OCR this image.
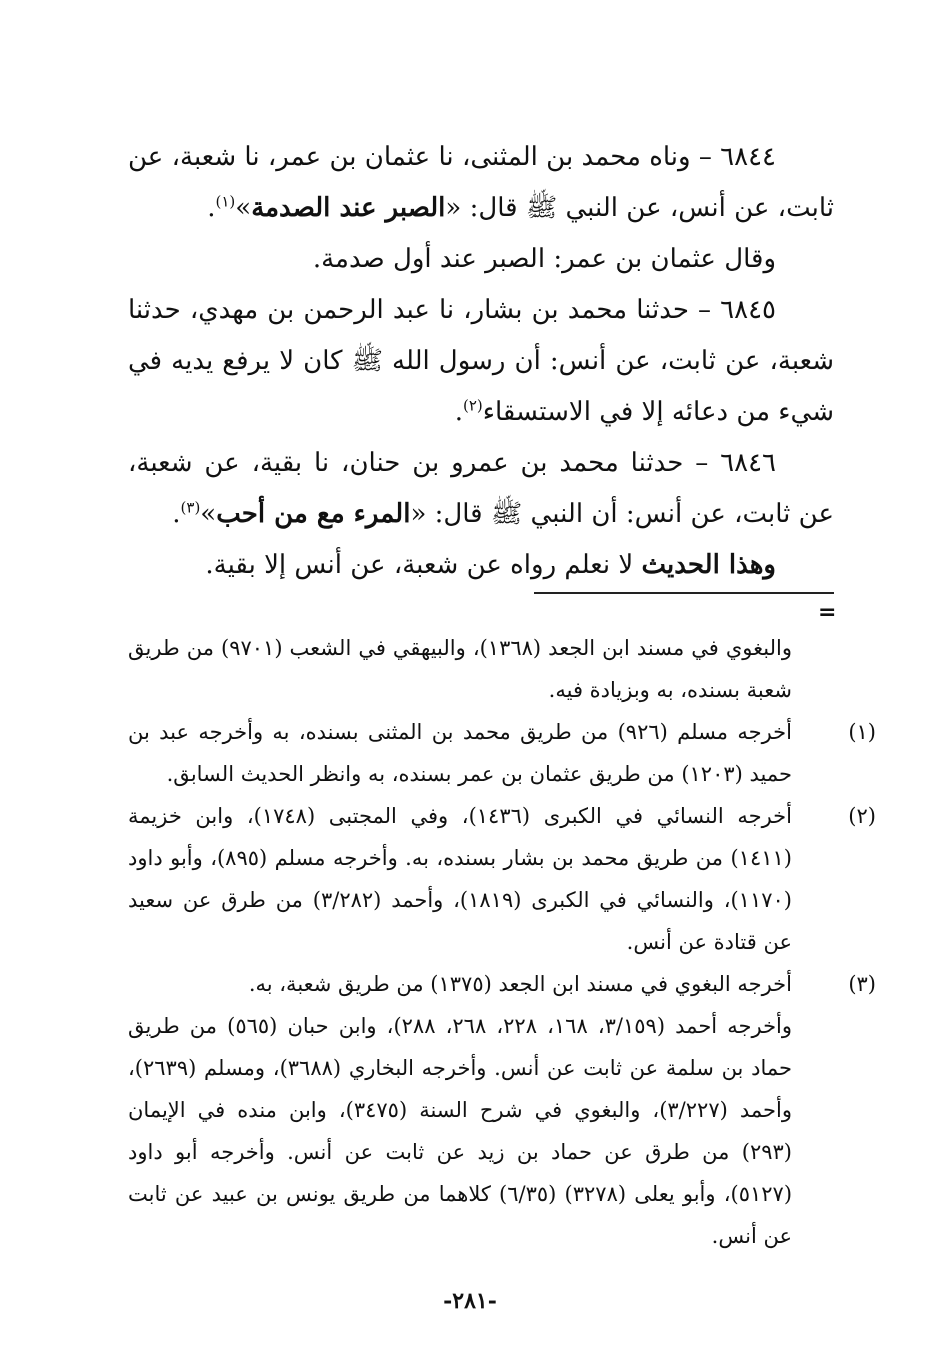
٦٨٤٤ – وناه محمد بن المثنى، نا عثمان بن عمر، نا شعبة، عن ثابت، عن أنس، عن النبي ﷺ قال: «الصبر عند الصدمة»$^{(١)}$.

وقال عثمان بن عمر: الصبر عند أول صدمة.

٦٨٤٥ – حدثنا محمد بن بشار، نا عبد الرحمن بن مهدي، حدثنا شعبة، عن ثابت، عن أنس: أن رسول الله ﷺ كان لا يرفع يديه في شيء من دعائه إلا في الاستسقاء$^{(٢)}$.

٦٨٤٦ – حدثنا محمد بن عمرو بن حنان، نا بقية، عن شعبة، عن ثابت، عن أنس: أن النبي ﷺ قال: «المرء مع من أحب»$^{(٣)}$.

وهذا الحديث لا نعلم رواه عن شعبة، عن أنس إلا بقية.

=

والبغوي في مسند ابن الجعد (١٣٦٨)، والبيهقي في الشعب (٩٧٠١) من طريق شعبة بسنده، به وبزيادة فيه.

(١)أخرجه مسلم (٩٢٦) من طريق محمد بن المثنى بسنده، به وأخرجه عبد بن حميد (١٢٠٣) من طريق عثمان بن عمر بسنده، به وانظر الحديث السابق.

(٢)أخرجه النسائي في الكبرى (١٤٣٦)، وفي المجتبى (١٧٤٨)، وابن خزيمة (١٤١١) من طريق محمد بن بشار بسنده، به. وأخرجه مسلم (٨٩٥)، وأبو داود (١١٧٠)، والنسائي في الكبرى (١٨١٩)، وأحمد (٣/٢٨٢) من طرق عن سعيد عن قتادة عن أنس.

(٣)أخرجه البغوي في مسند ابن الجعد (١٣٧٥) من طريق شعبة، به.

وأخرجه أحمد (٣/١٥٩، ١٦٨، ٢٢٨، ٢٦٨، ٢٨٨)، وابن حبان (٥٦٥) من طريق حماد بن سلمة عن ثابت عن أنس. وأخرجه البخاري (٣٦٨٨)، ومسلم (٢٦٣٩)، وأحمد (٣/٢٢٧)، والبغوي في شرح السنة (٣٤٧٥)، وابن منده في الإيمان (٢٩٣) من طرق عن حماد بن زيد عن ثابت عن أنس. وأخرجه أبو داود (٥١٢٧)، وأبو يعلى (٣٢٧٨) (٦/٣٥) كلاهما من طريق يونس بن عبيد عن ثابت عن أنس.

-٢٨١-
